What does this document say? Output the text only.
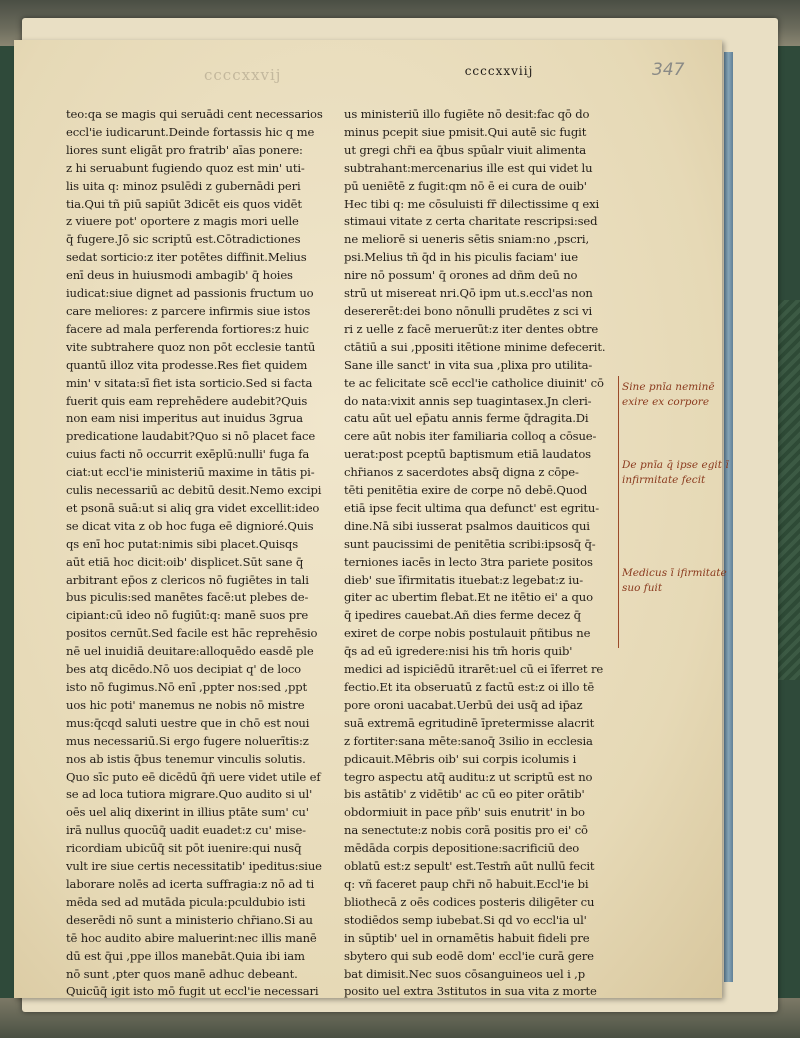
ccccxxvij	ccccxxviij	347
teo:qa se magis qui seruādi cent necessarios
eccl'ie iudicarunt.Deinde fortassis hic q me
liores sunt eligāt pro fratrib' aīas ponere:
z hi seruabunt fugiendo quoz est min' uti-
lis uita q: minoz psulēdi z gubernādi peri
tia.Qui tñ piū sapiūt 3dicēt eis quos vidēt
z viuere pot' oportere z magis mori uelle
q̄ fugere.Jō sic scriptū est.Cōtradictiones
sedat sorticio:z iter potētes diffinit.Melius
enī deus in huiusmodi ambagib' q̄ hoies
iudicat:siue dignet ad passionis fructum uo
care meliores: z parcere infirmis siue istos
facere ad mala perferenda fortiores:z huic
vite subtrahere quoz non pōt ecclesie tantū
quantū illoz vita prodesse.Res fiet quidem
min' v sitata:sī fiet ista sorticio.Sed si facta
fuerit quis eam reprehēdere audebit?Quis
non eam nisi imperitus aut inuidus 3grua
predicatione laudabit?Quo si nō placet face
cuius facti nō occurrit exēplū:nulli' fuga fa
ciat:ut eccl'ie ministeriū maxime in tātis pi-
culis necessariū ac debitū desit.Nemo excipi
et psonā suā:ut si aliq gra videt excellit:ideo
se dicat vita z ob hoc fuga eē dignioré.Quis
qs enī hoc putat:nimis sibi placet.Quisqs
aūt etiā hoc dicit:oib' displicet.Sūt sane q̄
arbitrant ep̄os z clericos nō fugiētes in tali
bus piculis:sed manētes facē:ut plebes de-
cipiant:cū ideo nō fugiūt:q: manē suos pre
positos cernūt.Sed facile est hāc reprehēsio
nē uel inuidiā deuitare:alloquēdo easdē ple
bes atq dicēdo.Nō uos decipiat q' de loco
isto nō fugimus.Nō enī ,ppter nos:sed ,ppt
uos hic poti' manemus ne nobis nō mistre
mus:q̄cqd saluti uestre que in chō est noui
mus necessariū.Si ergo fugere noluerītis:z
nos ab istis q̄bus tenemur vinculis solutis.
Quo sīc puto eē dicēdū q̄ñ uere videt utile ef
se ad loca tutiora migrare.Quo audito si ul'
oēs uel aliq dixerint in illius ptāte sum' cu'
irā nullus quocūq̄ uadit euadet:z cu' mise-
ricordiam ubicūq̄ sit pōt iuenire:qui nusq̄
vult ire siue certis necessitatib' ipeditus:siue
laborare nolēs ad icerta suffragia:z nō ad ti
mēda sed ad mutāda picula:pculdubio isti
deserēdi nō sunt a ministerio chr̄iano.Si au
tē hoc audito abire maluerint:nec illis manē
dū est q̄ui ,ppe illos manebāt.Quia ibi iam
nō sunt ,pter quos manē adhuc debeant.
Quicūq̄ igit isto mō fugit ut eccl'ie necessari
us ministeriū illo fugiēte nō desit:fac qō do
minus pcepit siue pmisit.Qui autē sic fugit
ut gregi chr̄i ea q̄bus spūalr viuit alimenta
subtrahant:mercenarius ille est qui videt lu
pū ueniētē z fugit:qm nō ē ei cura de ouib'
Hec tibi q: me cōsuluisti fr̄ dilectissime q exi
stimaui vitate z certa charitate rescripsi:sed
ne meliorē si ueneris sētis sniam:no ,pscri,
psi.Melius tñ q̄d in his piculis faciam' iue
nire nō possum' q̄ orones ad dñm deū no
strū ut misereat nri.Qō ipm ut.s.eccl'as non
desererēt:dei bono nōnulli prudētes z sci vi
ri z uelle z facē meruerūt:z iter dentes obtre
ctātiū a sui ,ppositi itētione minime defecerit.
Sane ille sanct' in vita sua ,plixa pro utilita-
te ac felicitate scē eccl'ie catholice diuinit' cō
do nata:vixit annis sep tuagintasex.Jn cleri-
catu aūt uel ep̄atu annis ferme q̄dragita.Di
cere aūt nobis iter familiaria colloq a cōsue-
uerat:post pceptū baptismum etiā laudatos
chr̄ianos z sacerdotes absq̄ digna z cōpe-
tēti penitētia exire de corpe nō debē.Quod
etiā ipse fecit ultima qua defunct' est egritu-
dine.Nā sibi iusserat psalmos dauiticos qui
sunt paucissimi de penitētia scribi:ipsosq̄ q̄-
terniones iacēs in lecto 3tra pariete positos
dieb' sue īfirmitatis ituebat:z legebat:z iu-
giter ac ubertim flebat.Et ne itētio ei' a quo
q̄ ipedires cauebat.Añ dies ferme decez q̄
exiret de corpe nobis postulauit pñtibus ne
q̄s ad eū igredere:nisi his tm̄ horis quib'
medici ad ispiciēdū itrarēt:uel cū ei īferret re
fectio.Et ita obseruatū z factū est:z oi illo tē
pore oroni uacabat.Uerbū dei usq̄ ad ip̄az
suā extremā egritudinē īpretermisse alacrit
z fortiter:sana mēte:sanoq̄ 3silio in ecclesia
pdicauit.Mēbris oib' sui corpis icolumis i
tegro aspectu atq̄ auditu:z ut scriptū est no
bis astātib' z vidētib' ac cū eo piter orātib'
obdormiuit in pace pñb' suis enutrit' in bo
na senectute:z nobis corā positis pro ei' cō
mēdāda corpis depositione:sacrificiū deo
oblatū est:z sepult' est.Testm̄ aūt nullū fecit
q: vñ faceret paup chr̄i nō habuit.Eccl'ie bi
bliothecā z oēs codices posteris diligēter cu
stodiēdos semp iubebat.Si qd vo eccl'ia ul'
in sūptib' uel in ornamētis habuit fideli pre
sbytero qui sub eodē dom' eccl'ie curā gere
bat dimisit.Nec suos cōsanguineos uel i ,p
posito uel extra 3stitutos in sua vita z morte
Sine pnīa neminē exire ex corpore
De pnīa q̄ ipse egit ī infirmitate fecit
Medicus ī ifirmitate suo fuit
